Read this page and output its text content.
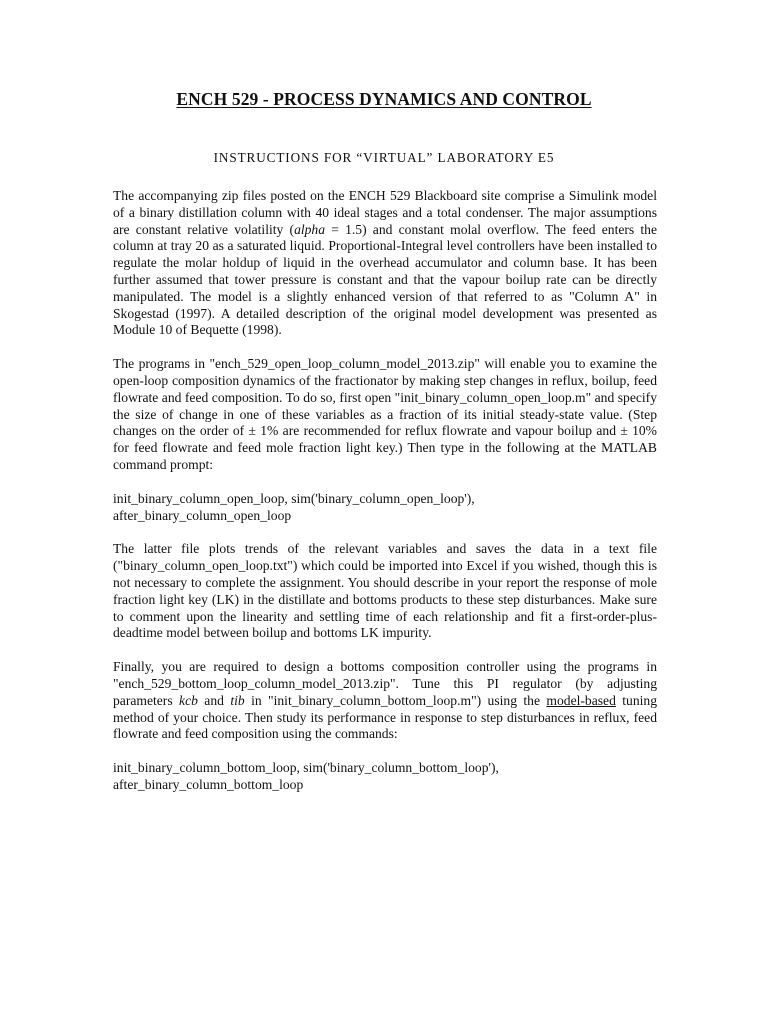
ENCH 529 - PROCESS DYNAMICS AND CONTROL
INSTRUCTIONS FOR “VIRTUAL” LABORATORY E5

The accompanying zip files posted on the ENCH 529 Blackboard site comprise a Simulink model of a binary distillation column with 40 ideal stages and a total condenser. The major assumptions are constant relative volatility (alpha = 1.5) and constant molal overflow. The feed enters the column at tray 20 as a saturated liquid. Proportional-Integral level controllers have been installed to regulate the molar holdup of liquid in the overhead accumulator and column base. It has been further assumed that tower pressure is constant and that the vapour boilup rate can be directly manipulated. The model is a slightly enhanced version of that referred to as "Column A" in Skogestad (1997). A detailed description of the original model development was presented as Module 10 of Bequette (1998).

The programs in "ench_529_open_loop_column_model_2013.zip" will enable you to examine the open-loop composition dynamics of the fractionator by making step changes in reflux, boilup, feed flowrate and feed composition. To do so, first open "init_binary_column_open_loop.m" and specify the size of change in one of these variables as a fraction of its initial steady-state value. (Step changes on the order of ± 1% are recommended for reflux flowrate and vapour boilup and ± 10% for feed flowrate and feed mole fraction light key.) Then type in the following at the MATLAB command prompt:

init_binary_column_open_loop, sim('binary_column_open_loop'),
after_binary_column_open_loop

The latter file plots trends of the relevant variables and saves the data in a text file ("binary_column_open_loop.txt") which could be imported into Excel if you wished, though this is not necessary to complete the assignment. You should describe in your report the response of mole fraction light key (LK) in the distillate and bottoms products to these step disturbances. Make sure to comment upon the linearity and settling time of each relationship and fit a first-order-plus-deadtime model between boilup and bottoms LK impurity.

Finally, you are required to design a bottoms composition controller using the programs in "ench_529_bottom_loop_column_model_2013.zip". Tune this PI regulator (by adjusting parameters kcb and tib in "init_binary_column_bottom_loop.m") using the model-based tuning method of your choice. Then study its performance in response to step disturbances in reflux, feed flowrate and feed composition using the commands:

init_binary_column_bottom_loop, sim('binary_column_bottom_loop'),
after_binary_column_bottom_loop
